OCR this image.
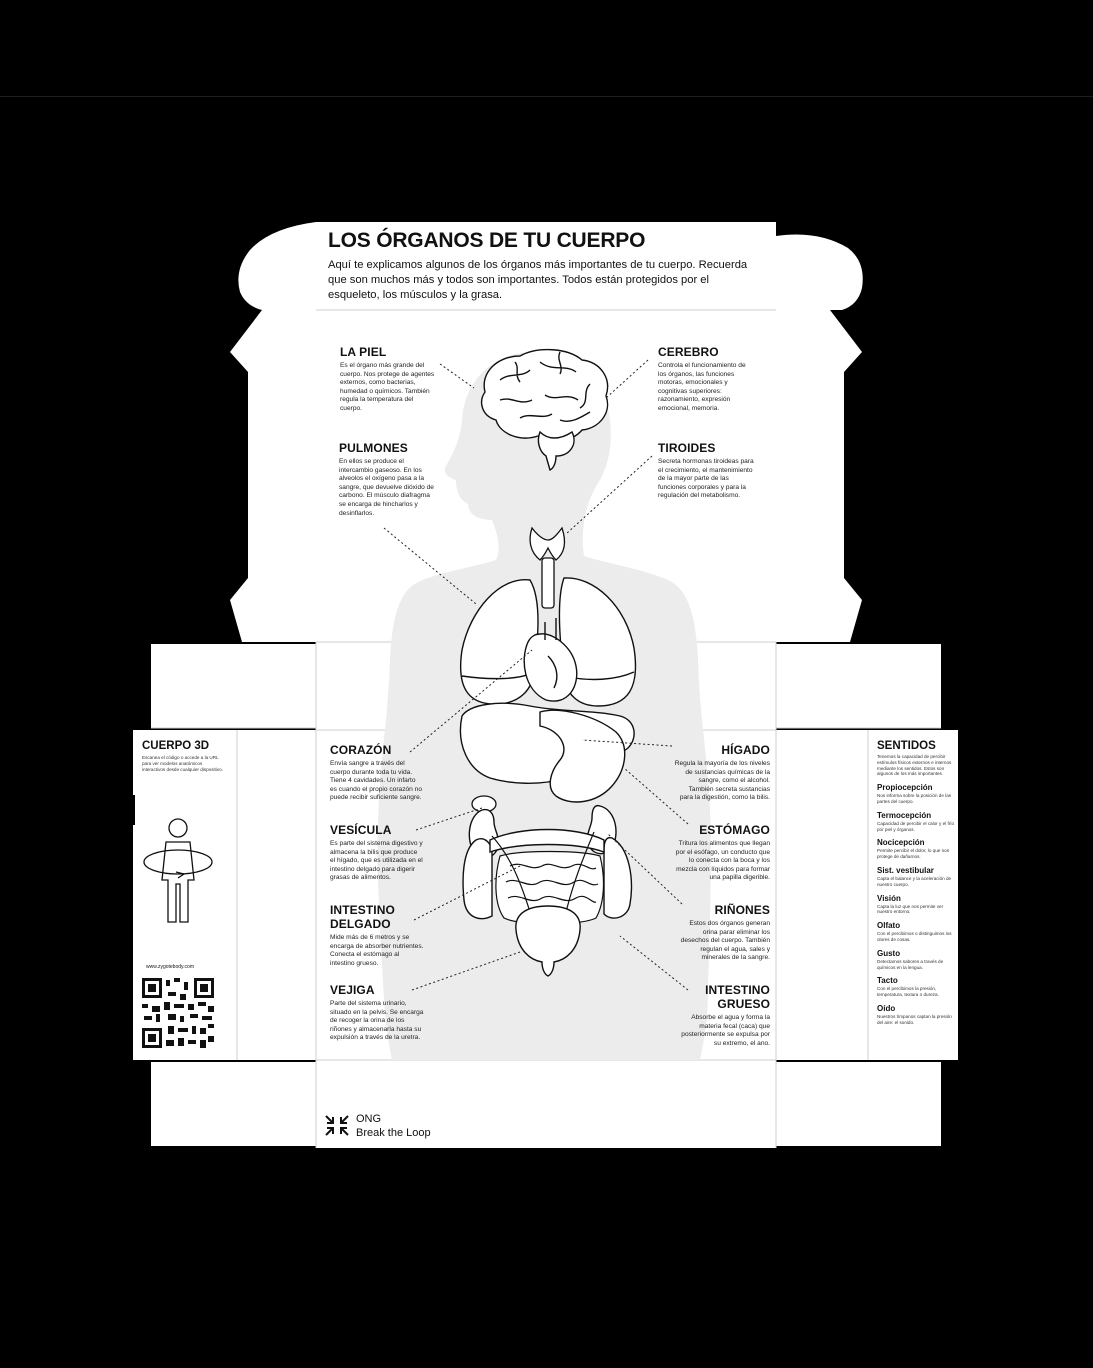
LOS ÓRGANOS DE TU CUERPO
Aquí te explicamos algunos de los órganos más importantes de tu cuerpo. Recuerda que son muchos más y todos son importantes. Todos están protegidos por el esqueleto, los músculos y la grasa.
LA PIEL
Es el órgano más grande del cuerpo. Nos protege de agentes externos, como bacterias, humedad o químicos. También regula la temperatura del cuerpo.
CEREBRO
Controla el funcionamiento de los órganos, las funciones motoras, emocionales y cognitivas superiores: razonamiento, expresión emocional, memoria.
PULMONES
En ellos se produce el intercambio gaseoso. En los alveolos el oxígeno pasa a la sangre, que devuelve dióxido de carbono. El músculo diafragma se encarga de hincharlos y desinflarlos.
TIROIDES
Secreta hormonas tiroideas para el crecimiento, el mantenimiento de la mayor parte de las funciones corporales y para la regulación del metabolismo.
CORAZÓN
Envía sangre a través del cuerpo durante toda tu vida. Tiene 4 cavidades. Un infarto es cuando el propio corazón no puede recibir suficiente sangre.
HÍGADO
Regula la mayoría de los niveles de sustancias químicas de la sangre, como el alcohol. También secreta sustancias para la digestión, como la bilis.
VESÍCULA
Es parte del sistema digestivo y almacena la bilis que produce el hígado, que es utilizada en el intestino delgado para digerir grasas de alimentos.
ESTÓMAGO
Tritura los alimentos que llegan por el esófago, un conducto que lo conecta con la boca y los mezcla con líquidos para formar una papilla digerible.
INTESTINO DELGADO
Mide más de 6 metros y se encarga de absorber nutrientes. Conecta el estómago al intestino grueso.
RIÑONES
Estos dos órganos generan orina parar eliminar los desechos del cuerpo. También regulan el agua, sales y minerales de la sangre.
VEJIGA
Parte del sistema urinario, situado en la pelvis. Se encarga de recoger la orina de los riñones y almacenarla hasta su expulsión a través de la uretra.
INTESTINO GRUESO
Absorbe el agua y forma la materia fecal (caca) que posteriormente se expulsa por su extremo, el ano.
CUERPO 3D
Escanea el código o accede a la URL para ver modelos anatómicos interactivos desde cualquier dispositivo.
www.zygotebody.com
SENTIDOS
Tenemos la capacidad de percibir estímulos físicos externos e internos mediante los sentidos. Estos son algunos de los más importantes.
Propiocepción
Nos informa sobre la posición de las partes del cuerpo.
Termocepción
Capacidad de percibir el calor y el frío por piel y órganos.
Nocicepción
Permite percibir el dolor, lo que nos protege de dañarnos.
Sist. vestibular
Capta el balance y la aceleración de nuestro cuerpo.
Visión
Capta la luz que nos permite ver nuestro entorno.
Olfato
Con el percibimos o distinguimos los olores de cosas.
Gusto
Detectamos sabores a través de químicos en la lengua.
Tacto
Con el percibimos la presión, temperatura, textura o dureza.
Oído
Nuestros tímpanos captan la presión del aire: el sonido.
ONG
Break the Loop
